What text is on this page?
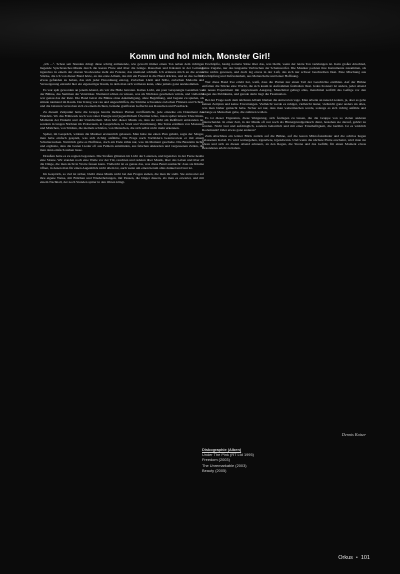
Komm und hol mich, Monster Girl!

„Uh ...“. Schon seit Stunden dringt diese schräg anmutende, wie gewollt immer einen Ton neben dem richtigen liegende Synchronchor-Musik durch die leeren Flure und über die Gänge. Rauschen und Knistern in der Leitung; irgendwo in einem der oberen Stockwerke zieht ein Fenster, das niemand schließt. Ich erinnere mich an die ersten Stücke, die ich von dieser Band hörte, an das erste Album, das mir ein Freund in die Hand drückte, und an das Gefühl, etwas gefunden zu haben, das sich jeder Einordnung entzog. Zwischen Lärm und Stille, zwischen Melodie und Verweigerung entsteht hier ein eigenartiger Raum, in dem man sich verlieren kann, ohne jemals ganz anzukommen.

Es war spät geworden an jenem Abend, als wir die Halle betraten. Kaltes Licht, ein paar versprengte Gestalten vor der Bühne, das Summen der Verstärker. Niemand schien zu wissen, was als Nächstes geschehen würde, und vielleicht war genau das der Reiz. Die Band betrat die Bühne ohne Ankündigung, ohne Begrüßung, und begann zu spielen, als stünde niemand im Raum. Der Klang war rau und ungeschliffen, die Stimme schwankte zwischen Flüstern und Schrei, und die Gitarren verwoben sich zu einem dichten, beinahe greifbaren Geflecht aus Rauschen und Feedback.

Zu diesem Zeitpunkt hatte die Gruppe bereits mehrere Platten veröffentlicht, jede einzelne ein Dokument des Wandels. Wo das Frühwerk noch von roher Energie und jugendlichem Übermut lebte, traten später leisere Töne hinzu, Momente der Einkehr und der Unsicherheit. Man hört dieser Musik an, dass sie nicht am Reißbrett entstanden ist, sondern in langen Nächten im Proberaum, in Gesprächen, in Streit und Versöhnung. Die Texte erzählen von Monstern und Mädchen, von Städten, die niemals schlafen, von Menschen, die sich selbst nicht mehr erkennen.

Später, im Gespräch, wirkten die Musiker erstaunlich gelassen. Man habe nie einen Plan gehabt, sagte der Sänger, man habe einfach gespielt, was sich richtig anfühlte. Die Frage nach Vorbildern beantwortete er mit einem Schulterzucken. Natürlich gebe es Einflüsse, doch am Ende zähle nur, was im Moment geschehe. Die Bassistin lachte und ergänzte, dass die besten Lieder oft aus Fehlern entstünden, aus falschen Akkorden und vergessenen Zeilen, die man dann einfach stehen lasse.

Draußen hatte es zu regnen begonnen. Die Straßen glänzten im Licht der Laternen, und irgendwo in der Ferne heulte eine Sirene. Wir standen noch eine Weile vor der Tür, rauchten und redeten über Musik, über das Leben und über all die Dinge, die man nicht in Worte fassen kann. Vielleicht ist es genau das, was diese Band ausmacht: dass sie Räume öffnet, in denen man für einen Augenblick nicht allein ist, auch wenn um einen herum alles dunkel und laut ist.

Im Gespräch, so viel ist sicher, bleibt diese Musik nicht bei den Fragen stehen, die man ihr stellt. Sie antwortet auf ihre eigene Weise, mit Brüchen und Wiederholungen, mit Pausen, die länger dauern, als man es erwartet, und mit einem Nachhall, der noch Stunden später in den Ohren klingt.

Erschöpfte, hastig notierte Sätze über das, was bleibt, wenn der letzte Ton verklungen ist. Kein großer Abschied, keine Zugabe, nur das langsame Verlöschen der Scheinwerfer. Die Musiker packten ihre Instrumente zusammen, als wäre nichts gewesen, und doch lag etwas in der Luft, das sich nur schwer beschreiben lässt. Eine Mischung aus Erschöpfung und Zufriedenheit, aus Melancholie und leiser Hoffnung.

Wer diese Band live erlebt hat, weiß, dass die Platten nur einen Teil der Geschichte erzählen. Auf der Bühne entfalten die Stücke eine Wucht, die sich kaum in Aufnahmen festhalten lässt. Jedes Konzert ist anders, jeder Abend ein neues Experiment mit ungewissem Ausgang. Manchmal gelingt alles, manchmal zerfällt das Gefüge vor den Augen des Publikums, und gerade darin liegt die Faszination.

Bei der Frage nach dem nächsten Album blieben die Antworten vage. Man arbeite an neuen Liedern, ja, aber es gebe keinen Zeitplan und keine Erwartungen. Vielleicht werde es ruhiger, vielleicht lauter, vielleicht ganz anders als alles, was man bisher gemacht habe. Sicher sei nur, dass man weitermachen werde, solange es sich richtig anfühle und solange es Menschen gebe, die zuhören wollen.

Es ist dieser Eigensinn, diese Weigerung, sich festlegen zu lassen, die die Gruppe von so vielen anderen unterscheidet. In einer Zeit, in der Musik oft nur noch als Hintergrundgeräusch dient, bestehen sie darauf, gehört zu werden. Nicht laut und aufdringlich, sondern beharrlich und mit einer Ernsthaftigkeit, die berührt. Ist es wirklich Rockmusik? Oder etwas ganz anderes?

Zum Abschluss ein letzter Blick zurück auf die Bühne, auf die leeren Mikrofonständer und die achtlos liegen gelassenen Kabel. Es wird weitergehen, irgendwie, irgendwann. Und wenn die nächste Platte erscheint, wird man sie hören und sich an diesen Abend erinnern, an den Regen, die Sirene und das Gefühl, für einen Moment etwas Besonderes erlebt zu haben.

Dennis Kaiser
Diskographie (Alben)
Under The Pink (RT Ltd 1995)
Freedom (2003)
The Unremarkable (2003)
Beauty (2005)
Orkus • 101
